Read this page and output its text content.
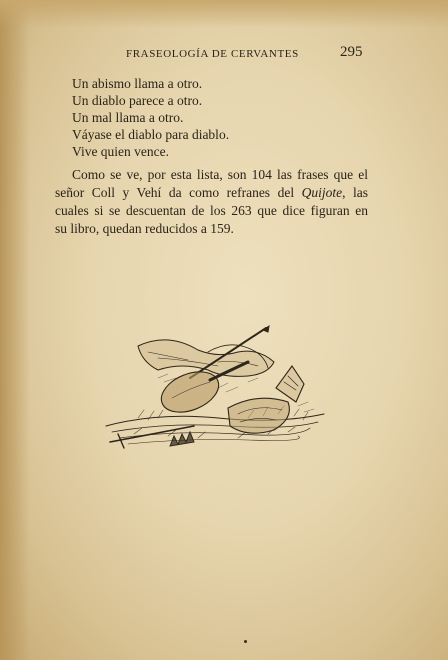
FRASEOLOGÍA DE CERVANTES	295
Un abismo llama a otro.
Un diablo parece a otro.
Un mal llama a otro.
Váyase el diablo para diablo.
Vive quien vence.

Como se ve, por esta lista, son 104 las frases que el
señor Coll y Vehí da como refranes del Quijote, las
cuales si se descuentan de los 263 que dice figuran en
su libro, quedan reducidos a 159.
